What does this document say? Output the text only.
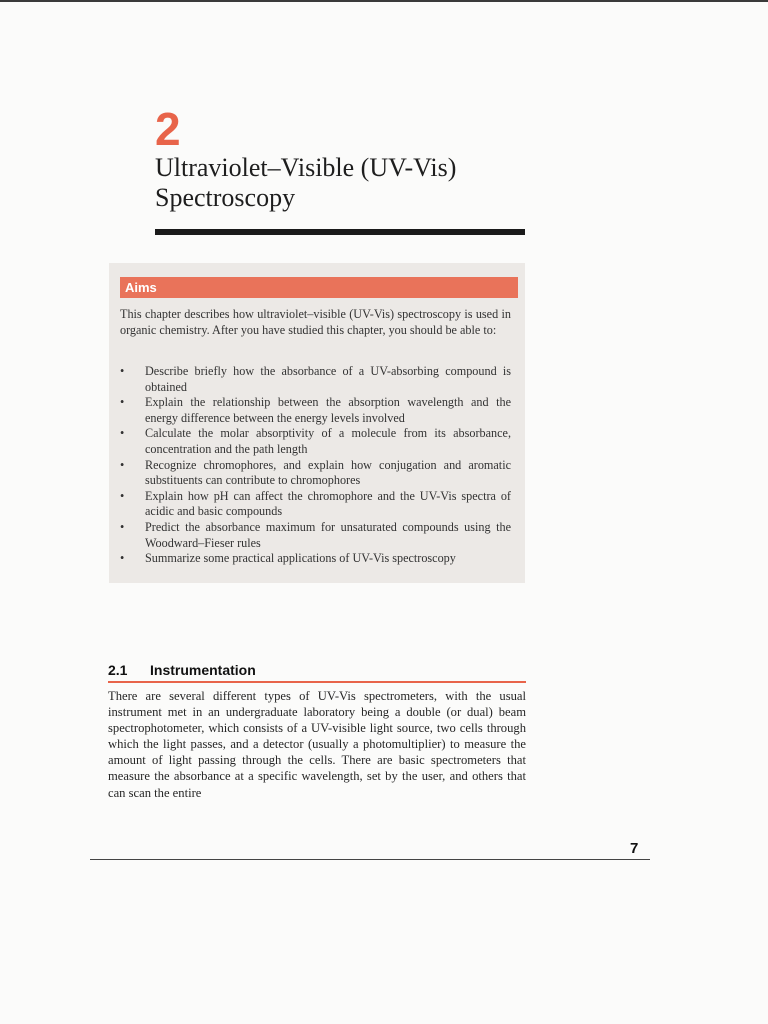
2
Ultraviolet–Visible (UV-Vis) Spectroscopy
Aims
This chapter describes how ultraviolet–visible (UV-Vis) spectroscopy is used in organic chemistry. After you have studied this chapter, you should be able to:
• Describe briefly how the absorbance of a UV-absorbing compound is obtained
• Explain the relationship between the absorption wavelength and the energy difference between the energy levels involved
• Calculate the molar absorptivity of a molecule from its absorbance, concentration and the path length
• Recognize chromophores, and explain how conjugation and aromatic substituents can contribute to chromophores
• Explain how pH can affect the chromophore and the UV-Vis spectra of acidic and basic compounds
• Predict the absorbance maximum for unsaturated compounds using the Woodward–Fieser rules
• Summarize some practical applications of UV-Vis spectroscopy
2.1 Instrumentation

There are several different types of UV-Vis spectrometers, with the usual instrument met in an undergraduate laboratory being a double (or dual) beam spectrophotometer, which consists of a UV-visible light source, two cells through which the light passes, and a detector (usually a photomultiplier) to measure the amount of light passing through the cells. There are basic spectrometers that measure the absorbance at a specific wavelength, set by the user, and others that can scan the entire

7
